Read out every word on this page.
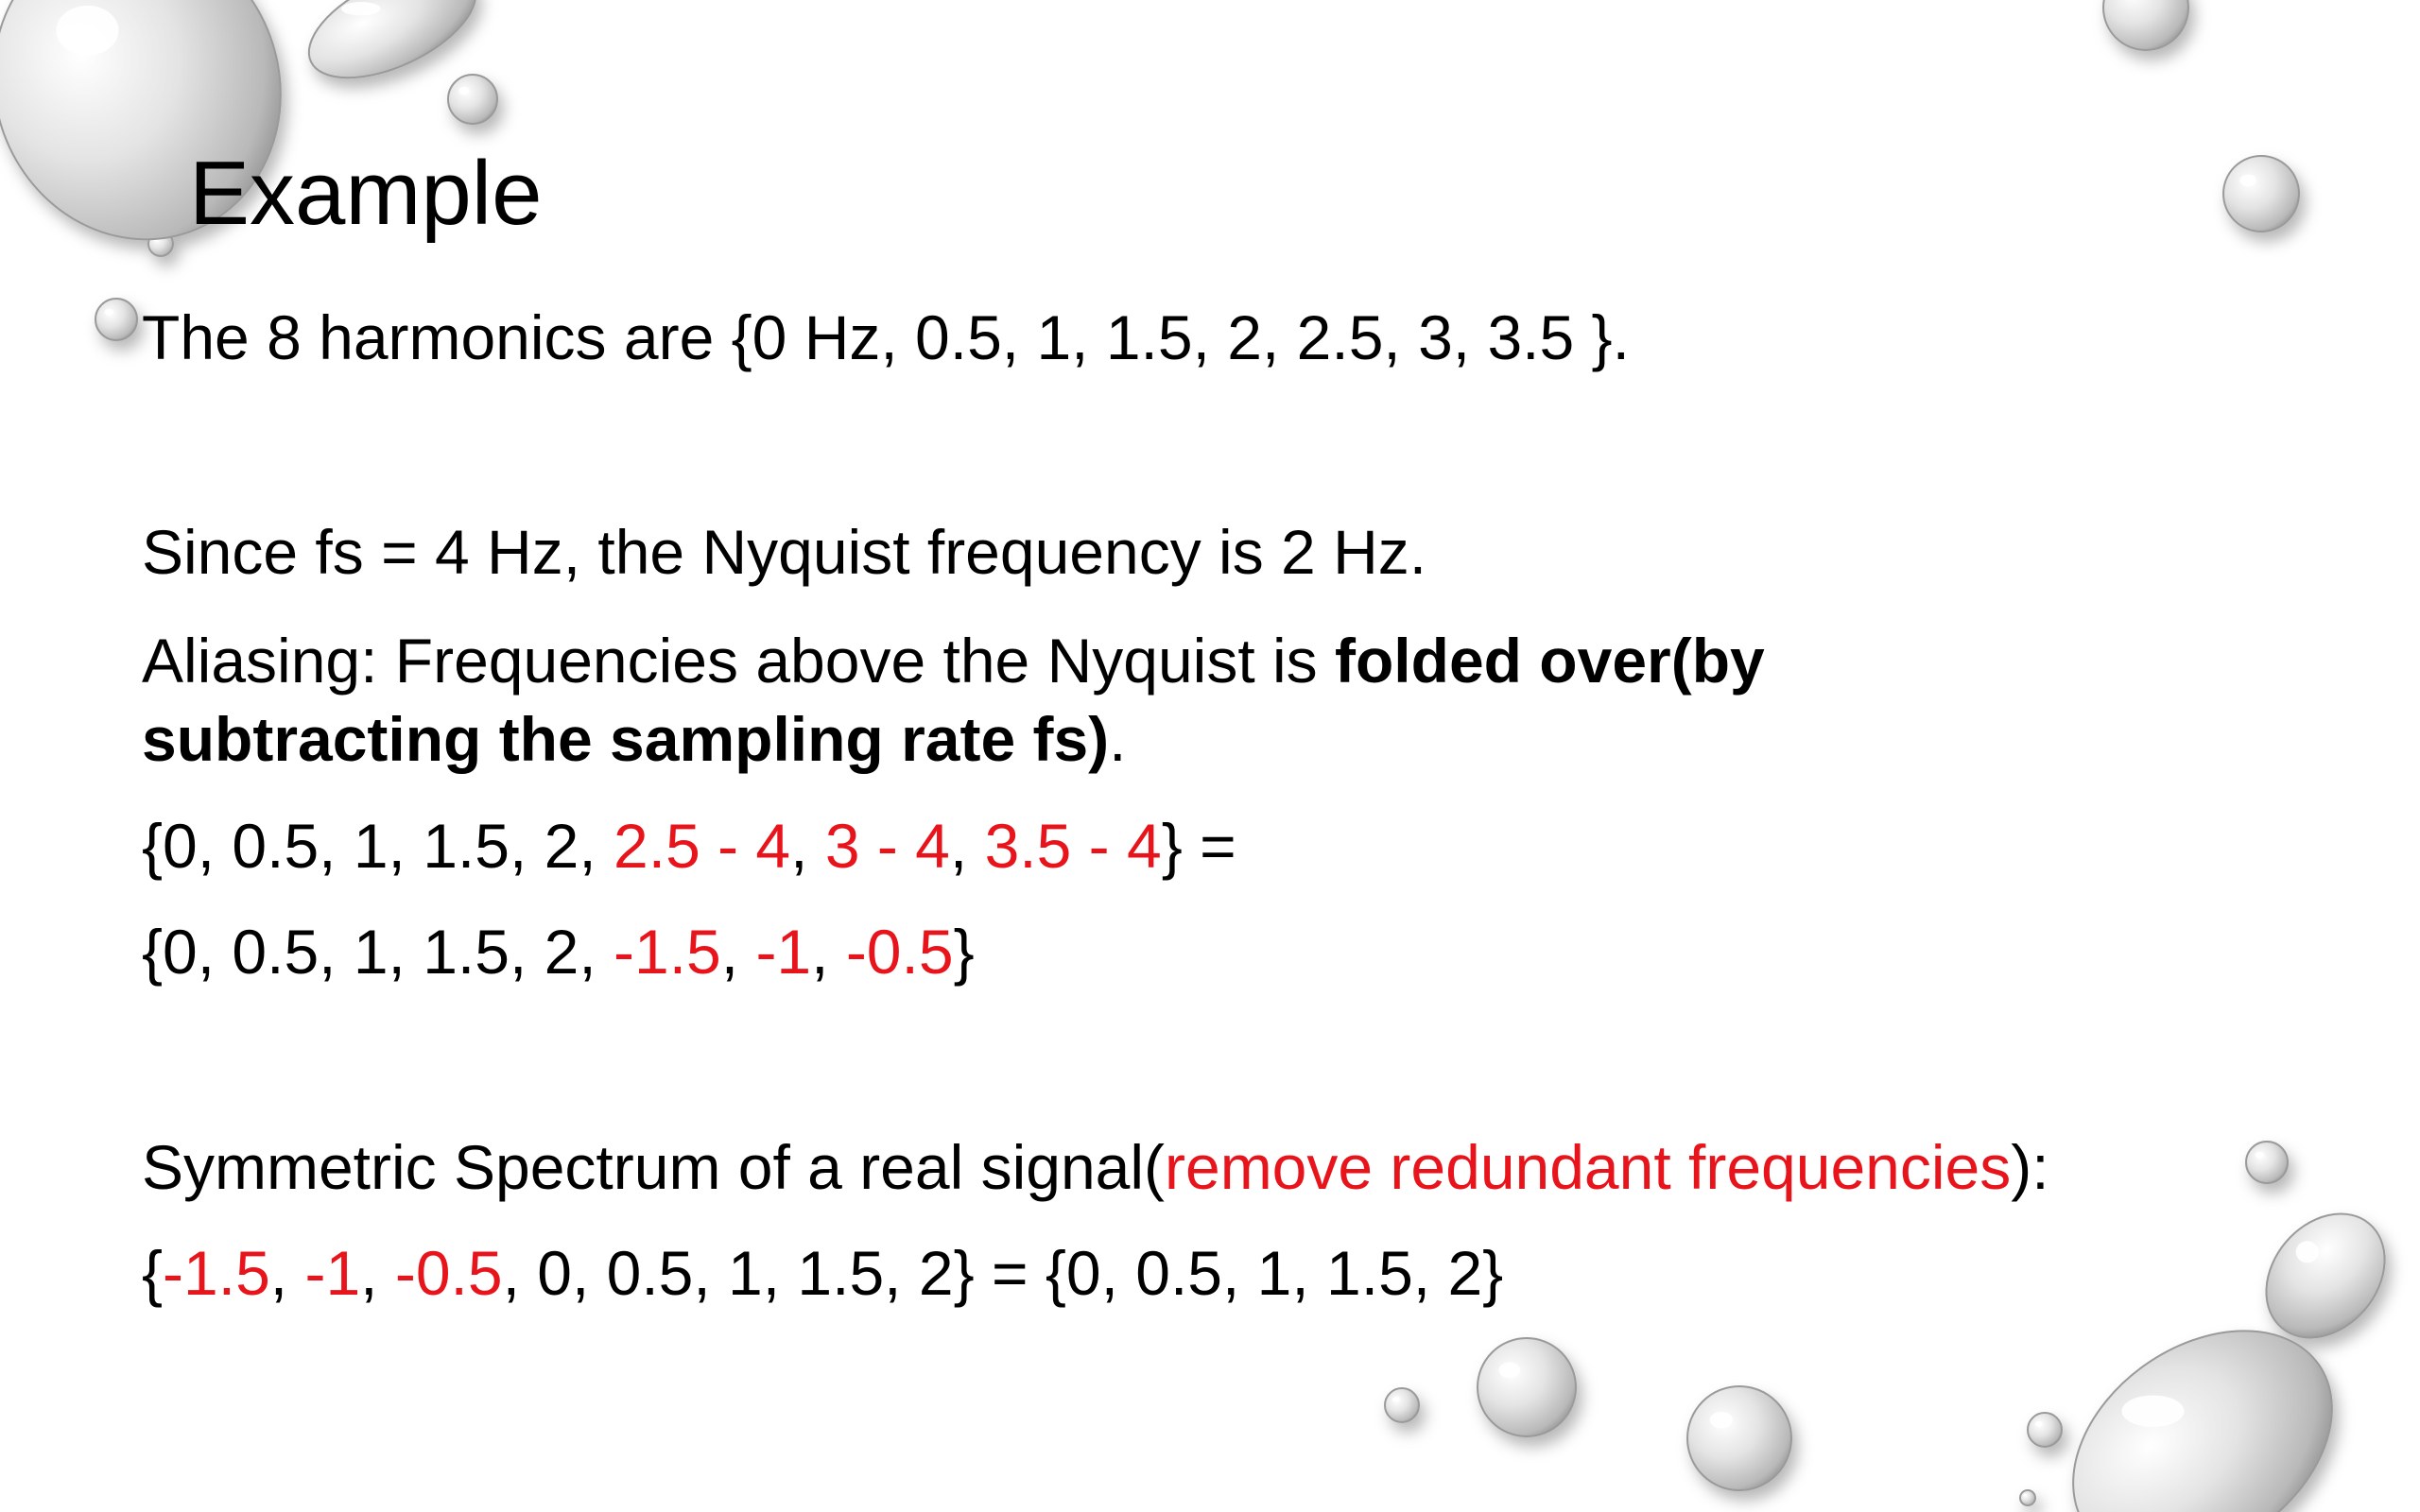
Example
The 8 harmonics are {0 Hz, 0.5, 1, 1.5, 2, 2.5, 3, 3.5 }.
Since fs = 4 Hz, the Nyquist frequency is 2 Hz.
Aliasing: Frequencies above the Nyquist is folded over(by
subtracting the sampling rate fs).
{0, 0.5, 1, 1.5, 2, 2.5 - 4, 3 - 4, 3.5 - 4} =
{0, 0.5, 1, 1.5, 2, -1.5, -1, -0.5}
Symmetric Spectrum of a real signal(remove redundant frequencies):
{-1.5, -1, -0.5, 0, 0.5, 1, 1.5, 2} = {0, 0.5, 1, 1.5, 2}
